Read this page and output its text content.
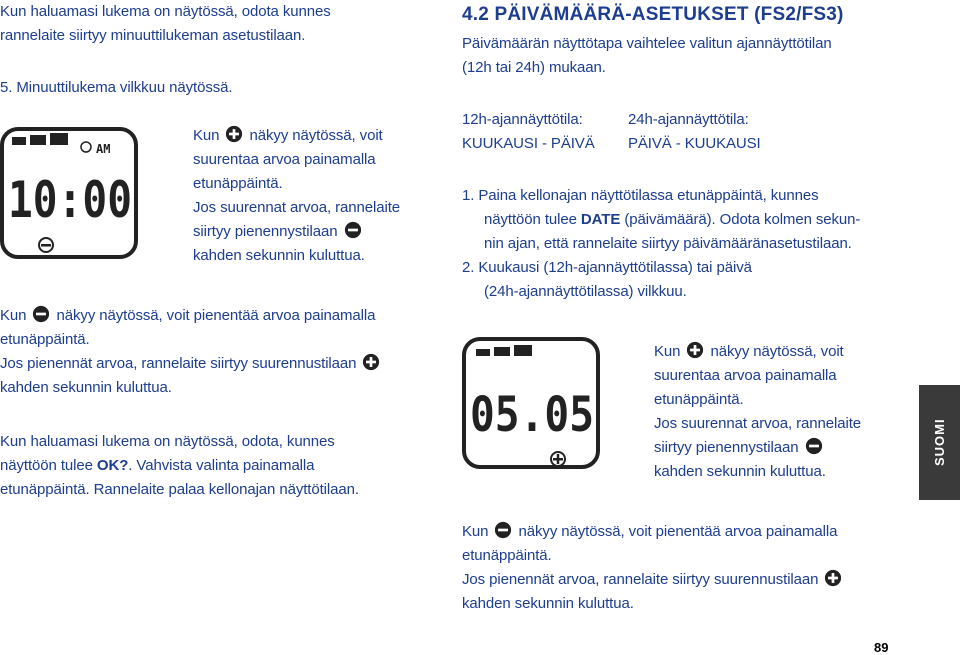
Kun haluamasi lukema on näytössä, odota kunnes
rannelaite siirtyy minuuttilukeman asetustilaan.
5. Minuuttilukema vilkkuu näytössä.
AM
10:00
Kun näkyy näytössä, voit
suurentaa arvoa painamalla
etunäppäintä.
Jos suurennat arvoa, rannelaite
siirtyy pienennystilaan
kahden sekunnin kuluttua.
Kun näkyy näytössä, voit pienentää arvoa painamalla
etunäppäintä.
Jos pienennät arvoa, rannelaite siirtyy suurennustilaan
kahden sekunnin kuluttua.
Kun haluamasi lukema on näytössä, odota, kunnes
näyttöön tulee OK?. Vahvista valinta painamalla
etunäppäintä. Rannelaite palaa kellonajan näyttötilaan.
4.2 PÄIVÄMÄÄRÄ-ASETUKSET (FS2/FS3)
Päivämäärän näyttötapa vaihtelee valitun ajannäyttötilan
(12h tai 24h) mukaan.
12h-ajannäyttötila:
KUUKAUSI - PÄIVÄ
24h-ajannäyttötila:
PÄIVÄ - KUUKAUSI
1. Paina kellonajan näyttötilassa etunäppäintä, kunnes
näyttöön tulee DATE (päivämäärä). Odota kolmen sekun-
nin ajan, että rannelaite siirtyy päivämääränasetustilaan.
2. Kuukausi (12h-ajannäyttötilassa) tai päivä
(24h-ajannäyttötilassa) vilkkuu.
05.05
Kun näkyy näytössä, voit
suurentaa arvoa painamalla
etunäppäintä.
Jos suurennat arvoa, rannelaite
siirtyy pienennystilaan
kahden sekunnin kuluttua.
SUOMI
Kun näkyy näytössä, voit pienentää arvoa painamalla
etunäppäintä.
Jos pienennät arvoa, rannelaite siirtyy suurennustilaan
kahden sekunnin kuluttua.
89
